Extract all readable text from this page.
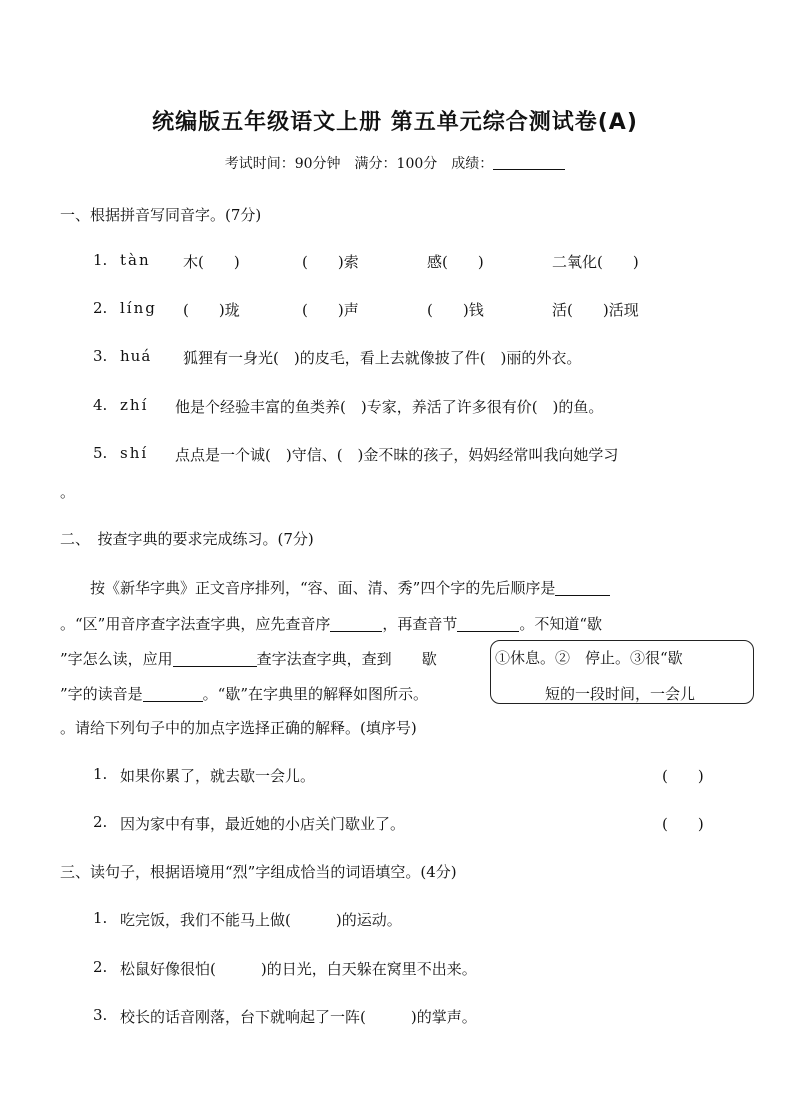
统编版五年级语文上册 第五单元综合测试卷(A)
考试时间：90分钟　满分：100分　成绩：
一、根据拼音写同音字。(7分)
1. tàn 木(　　)	(　　)索	感(　　)	二氧化(　　)
2. líng (　　)珑	(　　)声	(　　)钱	活(　　)活现
3. huá 狐狸有一身光(　)的皮毛，看上去就像披了件(　)丽的外衣。
4. zhí 他是个经验丰富的鱼类养(　)专家，养活了许多很有价(　)的鱼。
5. shí 点点是一个诚(　)守信、(　)金不昧的孩子，妈妈经常叫我向她学习
。
二、　按查字典的要求完成练习。(7分)
按《新华字典》正文音序排列，“容、面、清、秀”四个字的先后顺序是
。“区”用音序查字法查字典，应先查音序	，再查音节	。不知道“歇
”字怎么读，应用	查字法查字典，查到 歇
”字的读音是	。“歇”在字典里的解释如图所示。
。请给下列句子中的加点字选择正确的解释。(填序号)
①休息。②　停止。③很“歇
短的一段时间，一会儿
1. 如果你累了，就去歇一会儿。	(　　)
2. 因为家中有事，最近她的小店关门歇业了。	(　　)
三、读句子，根据语境用“烈”字组成恰当的词语填空。(4分)
1. 吃完饭，我们不能马上做(　　　)的运动。
2. 松鼠好像很怕(　　　)的日光，白天躲在窝里不出来。
3. 校长的话音刚落，台下就响起了一阵(　　　)的掌声。
